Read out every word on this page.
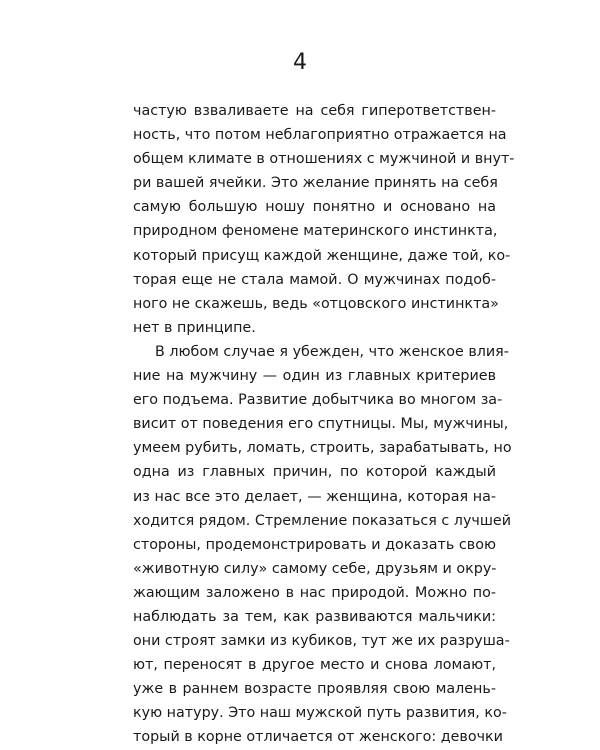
4
частую взваливаете на себя гиперответствен-
ность, что потом неблагоприятно отражается на
общем климате в отношениях с мужчиной и внут-
ри вашей ячейки. Это желание принять на себя
самую большую ношу понятно и основано на
природном феномене материнского инстинкта,
который присущ каждой женщине, даже той, ко-
торая еще не стала мамой. О мужчинах подоб-
ного не скажешь, ведь «отцовского инстинкта»
нет в принципе.
В любом случае я убежден, что женское влия-
ние на мужчину — один из главных критериев
его подъема. Развитие добытчика во многом за-
висит от поведения его спутницы. Мы, мужчины,
умеем рубить, ломать, строить, зарабатывать, но
одна из главных причин, по которой каждый
из нас все это делает, — женщина, которая на-
ходится рядом. Стремление показаться с лучшей
стороны, продемонстрировать и доказать свою
«животную силу» самому себе, друзьям и окру-
жающим заложено в нас природой. Можно по-
наблюдать за тем, как развиваются мальчики:
они строят замки из кубиков, тут же их разруша-
ют, переносят в другое место и снова ломают,
уже в раннем возрасте проявляя свою малень-
кую натуру. Это наш мужской путь развития, ко-
торый в корне отличается от женского: девочки
